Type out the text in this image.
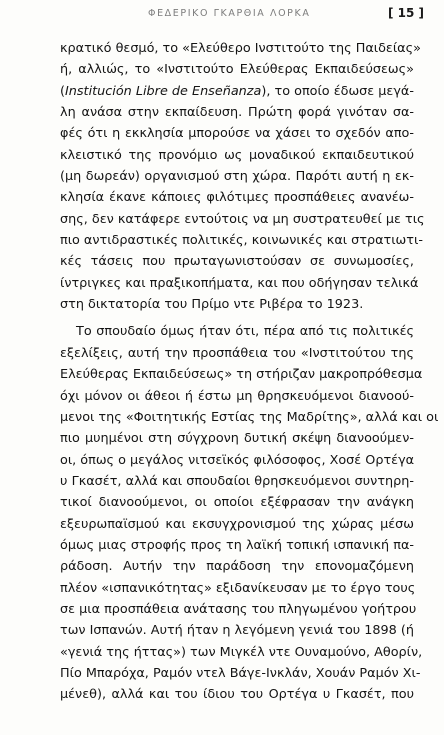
ΦΕΔΕΡΙΚΟ ΓΚΑΡΘΙΑ ΛΟΡΚΑ	[ 15 ]
κρατικό θεσμό, το «Ελεύθερο Ινστιτούτο της Παιδείας»
ή, αλλιώς, το «Ινστιτούτο Ελεύθερας Εκπαιδεύσεως»
(Institución Libre de Enseñanza), το οποίο έδωσε μεγά-
λη ανάσα στην εκπαίδευση. Πρώτη φορά γινόταν σα-
φές ότι η εκκλησία μπορούσε να χάσει το σχεδόν απο-
κλειστικό της προνόμιο ως μοναδικού εκπαιδευτικού
(μη δωρεάν) οργανισμού στη χώρα. Παρότι αυτή η εκ-
κλησία έκανε κάποιες φιλότιμες προσπάθειες ανανέω-
σης, δεν κατάφερε εντούτοις να μη συστρατευθεί με τις
πιο αντιδραστικές πολιτικές, κοινωνικές και στρατιωτι-
κές τάσεις που πρωταγωνιστούσαν σε συνωμοσίες,
ίντριγκες και πραξικοπήματα, και που οδήγησαν τελικά
στη δικτατορία του Πρίμο ντε Ριβέρα το 1923.
Το σπουδαίο όμως ήταν ότι, πέρα από τις πολιτικές
εξελίξεις, αυτή την προσπάθεια του «Ινστιτούτου της
Ελεύθερας Εκπαιδεύσεως» τη στήριζαν μακροπρόθεσμα
όχι μόνον οι άθεοι ή έστω μη θρησκευόμενοι διανοού-
μενοι της «Φοιτητικής Εστίας της Μαδρίτης», αλλά και οι
πιο μυημένοι στη σύγχρονη δυτική σκέψη διανοούμεν-
οι, όπως ο μεγάλος νιτσεϊκός φιλόσοφος, Χοσέ Ορτέγα
υ Γκασέτ, αλλά και σπουδαίοι θρησκευόμενοι συντηρη-
τικοί διανοούμενοι, οι οποίοι εξέφρασαν την ανάγκη
εξευρωπαϊσμού και εκσυγχρονισμού της χώρας μέσω
όμως μιας στροφής προς τη λαϊκή τοπική ισπανική πα-
ράδοση. Αυτήν την παράδοση την επονομαζόμενη
πλέον «ισπανικότητας» εξιδανίκευσαν με το έργο τους
σε μια προσπάθεια ανάτασης του πληγωμένου γοήτρου
των Ισπανών. Αυτή ήταν η λεγόμενη γενιά του 1898 (ή
«γενιά της ήττας») των Μιγκέλ ντε Ουναμούνο, Αθορίν,
Πίο Μπαρόχα, Ραμόν ντελ Βάγε-Ινκλάν, Χουάν Ραμόν Χι-
μένεθ), αλλά και του ίδιου του Ορτέγα υ Γκασέτ, που
